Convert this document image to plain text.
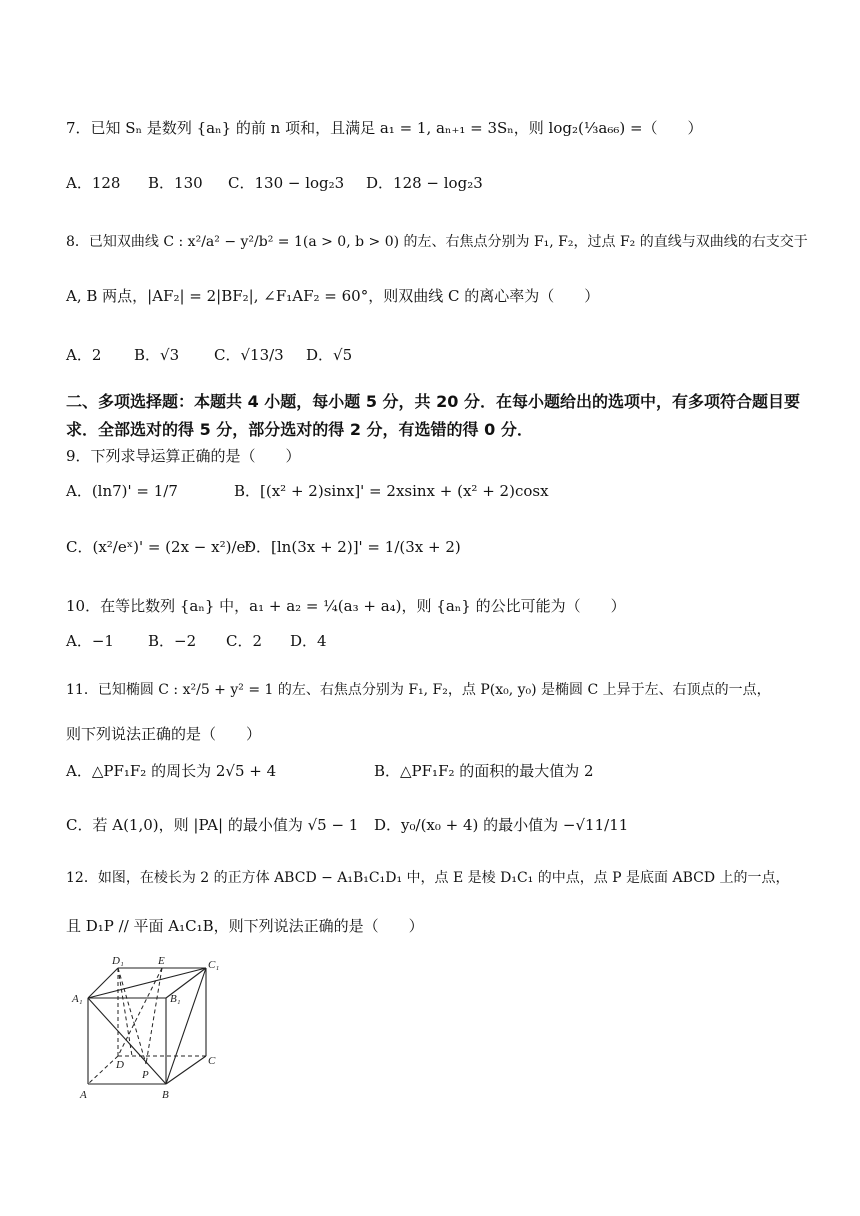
7．已知 Sₙ 是数列 {aₙ} 的前 n 项和，且满足 a₁ = 1, aₙ₊₁ = 3Sₙ，则 log₂(⅓a₆₆) =（　　）
A．128 B．130 C．130 − log₂3 D．128 − log₂3
8．已知双曲线 C : x²/a² − y²/b² = 1(a > 0, b > 0) 的左、右焦点分别为 F₁, F₂，过点 F₂ 的直线与双曲线的右支交于
A, B 两点，|AF₂| = 2|BF₂|, ∠F₁AF₂ = 60°，则双曲线 C 的离心率为（　　）
A．2 B．√3 C．√13/3 D．√5
二、多项选择题：本题共 4 小题，每小题 5 分，共 20 分．在每小题给出的选项中，有多项符合题目要求．全部选对的得 5 分，部分选对的得 2 分，有选错的得 0 分．
9．下列求导运算正确的是（　　）
A．(ln7)' = 1/7	B．[(x² + 2)sinx]' = 2xsinx + (x² + 2)cosx
C．(x²/eˣ)' = (2x − x²)/eˣ
D．[ln(3x + 2)]' = 1/(3x + 2)
10．在等比数列 {aₙ} 中，a₁ + a₂ = ¼(a₃ + a₄)，则 {aₙ} 的公比可能为（　　）
A．−1 B．−2 C．2 D．4
11．已知椭圆 C : x²/5 + y² = 1 的左、右焦点分别为 F₁, F₂，点 P(x₀, y₀) 是椭圆 C 上异于左、右顶点的一点，
则下列说法正确的是（　　）
A．△PF₁F₂ 的周长为 2√5 + 4	B．△PF₁F₂ 的面积的最大值为 2
C．若 A(1,0)，则 |PA| 的最小值为 √5 − 1 D．y₀/(x₀ + 4) 的最小值为 −√11/11
12．如图，在棱长为 2 的正方体 ABCD − A₁B₁C₁D₁ 中，点 E 是棱 D₁C₁ 的中点，点 P 是底面 ABCD 上的一点，
且 D₁P // 平面 A₁C₁B，则下列说法正确的是（　　）
D₁	E	C₁
A₁	B₁
D
P
C
A	B
